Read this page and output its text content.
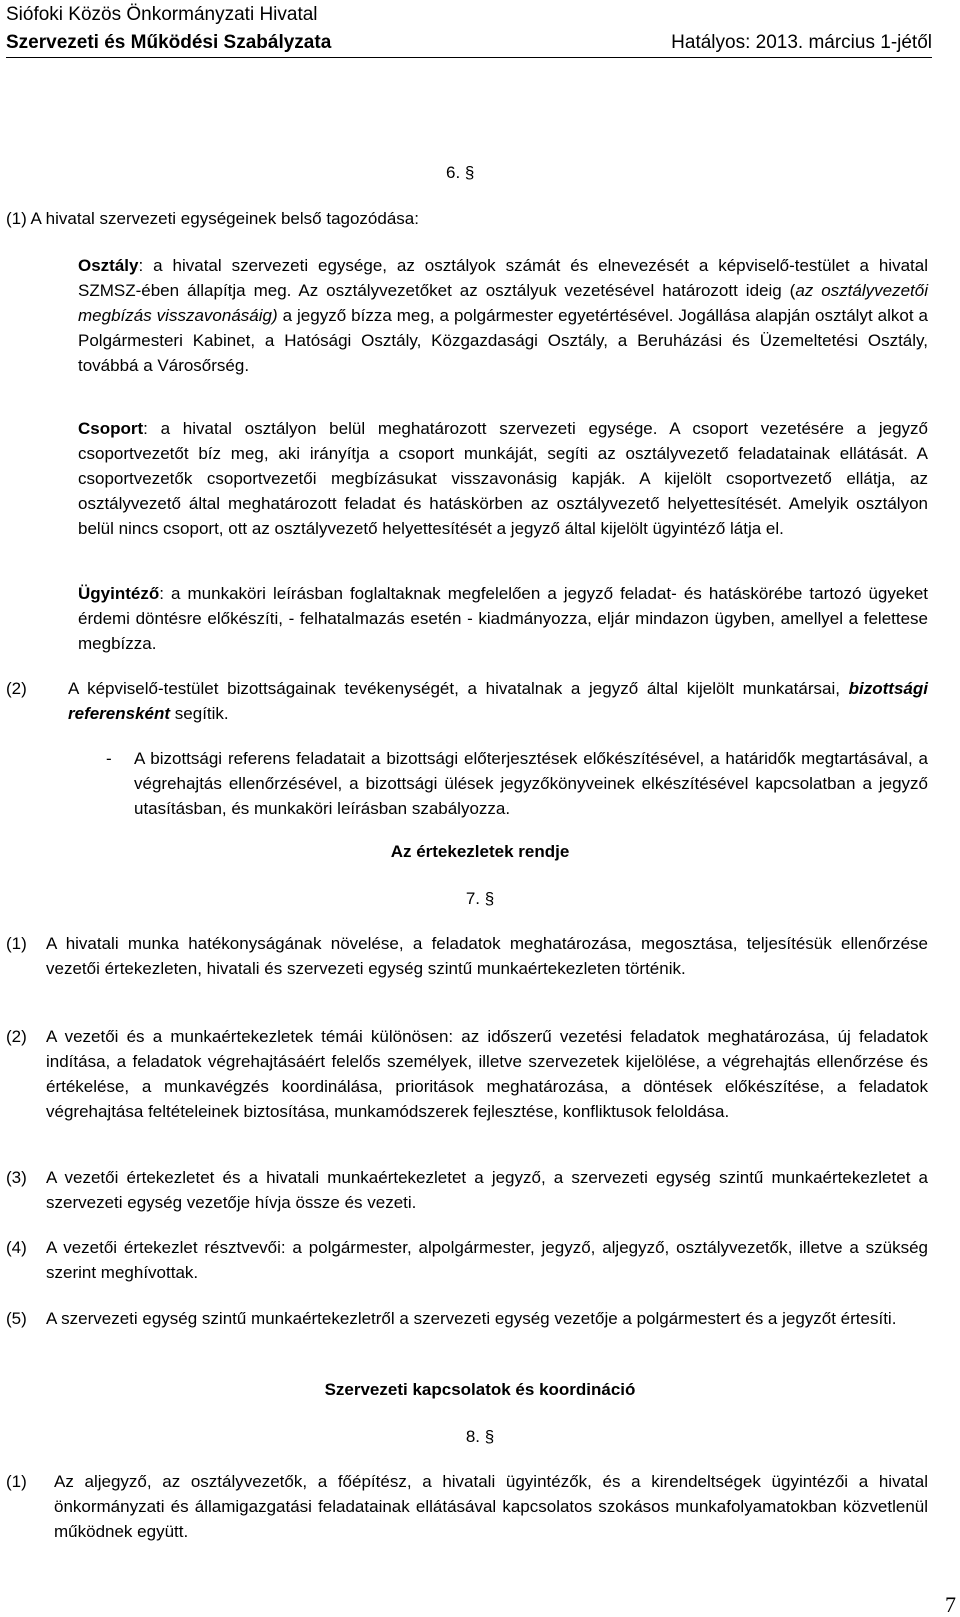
Siófoki Közös Önkormányzati Hivatal
Szervezeti és Működési Szabályzata	Hatályos: 2013. március 1-jétől
6. §
(1) A hivatal szervezeti egységeinek belső tagozódása:

Osztály: a hivatal szervezeti egysége, az osztályok számát és elnevezését a képviselő-testület a hivatal SZMSZ-ében állapítja meg. Az osztályvezetőket az osztályuk vezetésével határozott ideig (az osztályvezetői megbízás visszavonásáig) a jegyző bízza meg, a polgármester egyetértésével. Jogállása alapján osztályt alkot a Polgármesteri Kabinet, a Hatósági Osztály, Közgazdasági Osztály, a Beruházási és Üzemeltetési Osztály, továbbá a Városőrség.

Csoport: a hivatal osztályon belül meghatározott szervezeti egysége. A csoport vezetésére a jegyző csoportvezetőt bíz meg, aki irányítja a csoport munkáját, segíti az osztályvezető feladatainak ellátását. A csoportvezetők csoportvezetői megbízásukat visszavonásig kapják. A kijelölt csoportvezető ellátja, az osztályvezető által meghatározott feladat és hatáskörben az osztályvezető helyettesítését. Amelyik osztályon belül nincs csoport, ott az osztályvezető helyettesítését a jegyző által kijelölt ügyintéző látja el.

Ügyintéző: a munkaköri leírásban foglaltaknak megfelelően a jegyző feladat- és hatáskörébe tartozó ügyeket érdemi döntésre előkészíti, - felhatalmazás esetén - kiadmányozza, eljár mindazon ügyben, amellyel a felettese megbízza.

(2) A képviselő-testület bizottságainak tevékenységét, a hivatalnak a jegyző által kijelölt munkatársai, bizottsági referensként segítik.

- A bizottsági referens feladatait a bizottsági előterjesztések előkészítésével, a határidők megtartásával, a végrehajtás ellenőrzésével, a bizottsági ülések jegyzőkönyveinek elkészítésével kapcsolatban a jegyző utasításban, és munkaköri leírásban szabályozza.

Az értekezletek rendje
7. §
(1) A hivatali munka hatékonyságának növelése, a feladatok meghatározása, megosztása, teljesítésük ellenőrzése vezetői értekezleten, hivatali és szervezeti egység szintű munkaértekezleten történik.

(2) A vezetői és a munkaértekezletek témái különösen: az időszerű vezetési feladatok meghatározása, új feladatok indítása, a feladatok végrehajtásáért felelős személyek, illetve szervezetek kijelölése, a végrehajtás ellenőrzése és értékelése, a munkavégzés koordinálása, prioritások meghatározása, a döntések előkészítése, a feladatok végrehajtása feltételeinek biztosítása, munkamódszerek fejlesztése, konfliktusok feloldása.

(3) A vezetői értekezletet és a hivatali munkaértekezletet a jegyző, a szervezeti egység szintű munkaértekezletet a szervezeti egység vezetője hívja össze és vezeti.

(4) A vezetői értekezlet résztvevői: a polgármester, alpolgármester, jegyző, aljegyző, osztályvezetők, illetve a szükség szerint meghívottak.

(5) A szervezeti egység szintű munkaértekezletről a szervezeti egység vezetője a polgármestert és a jegyzőt értesíti.

Szervezeti kapcsolatok és koordináció
8. §
(1) Az aljegyző, az osztályvezetők, a főépítész, a hivatali ügyintézők, és a kirendeltségek ügyintézői a hivatal önkormányzati és államigazgatási feladatainak ellátásával kapcsolatos szokásos munkafolyamatokban közvetlenül működnek együtt.

7
